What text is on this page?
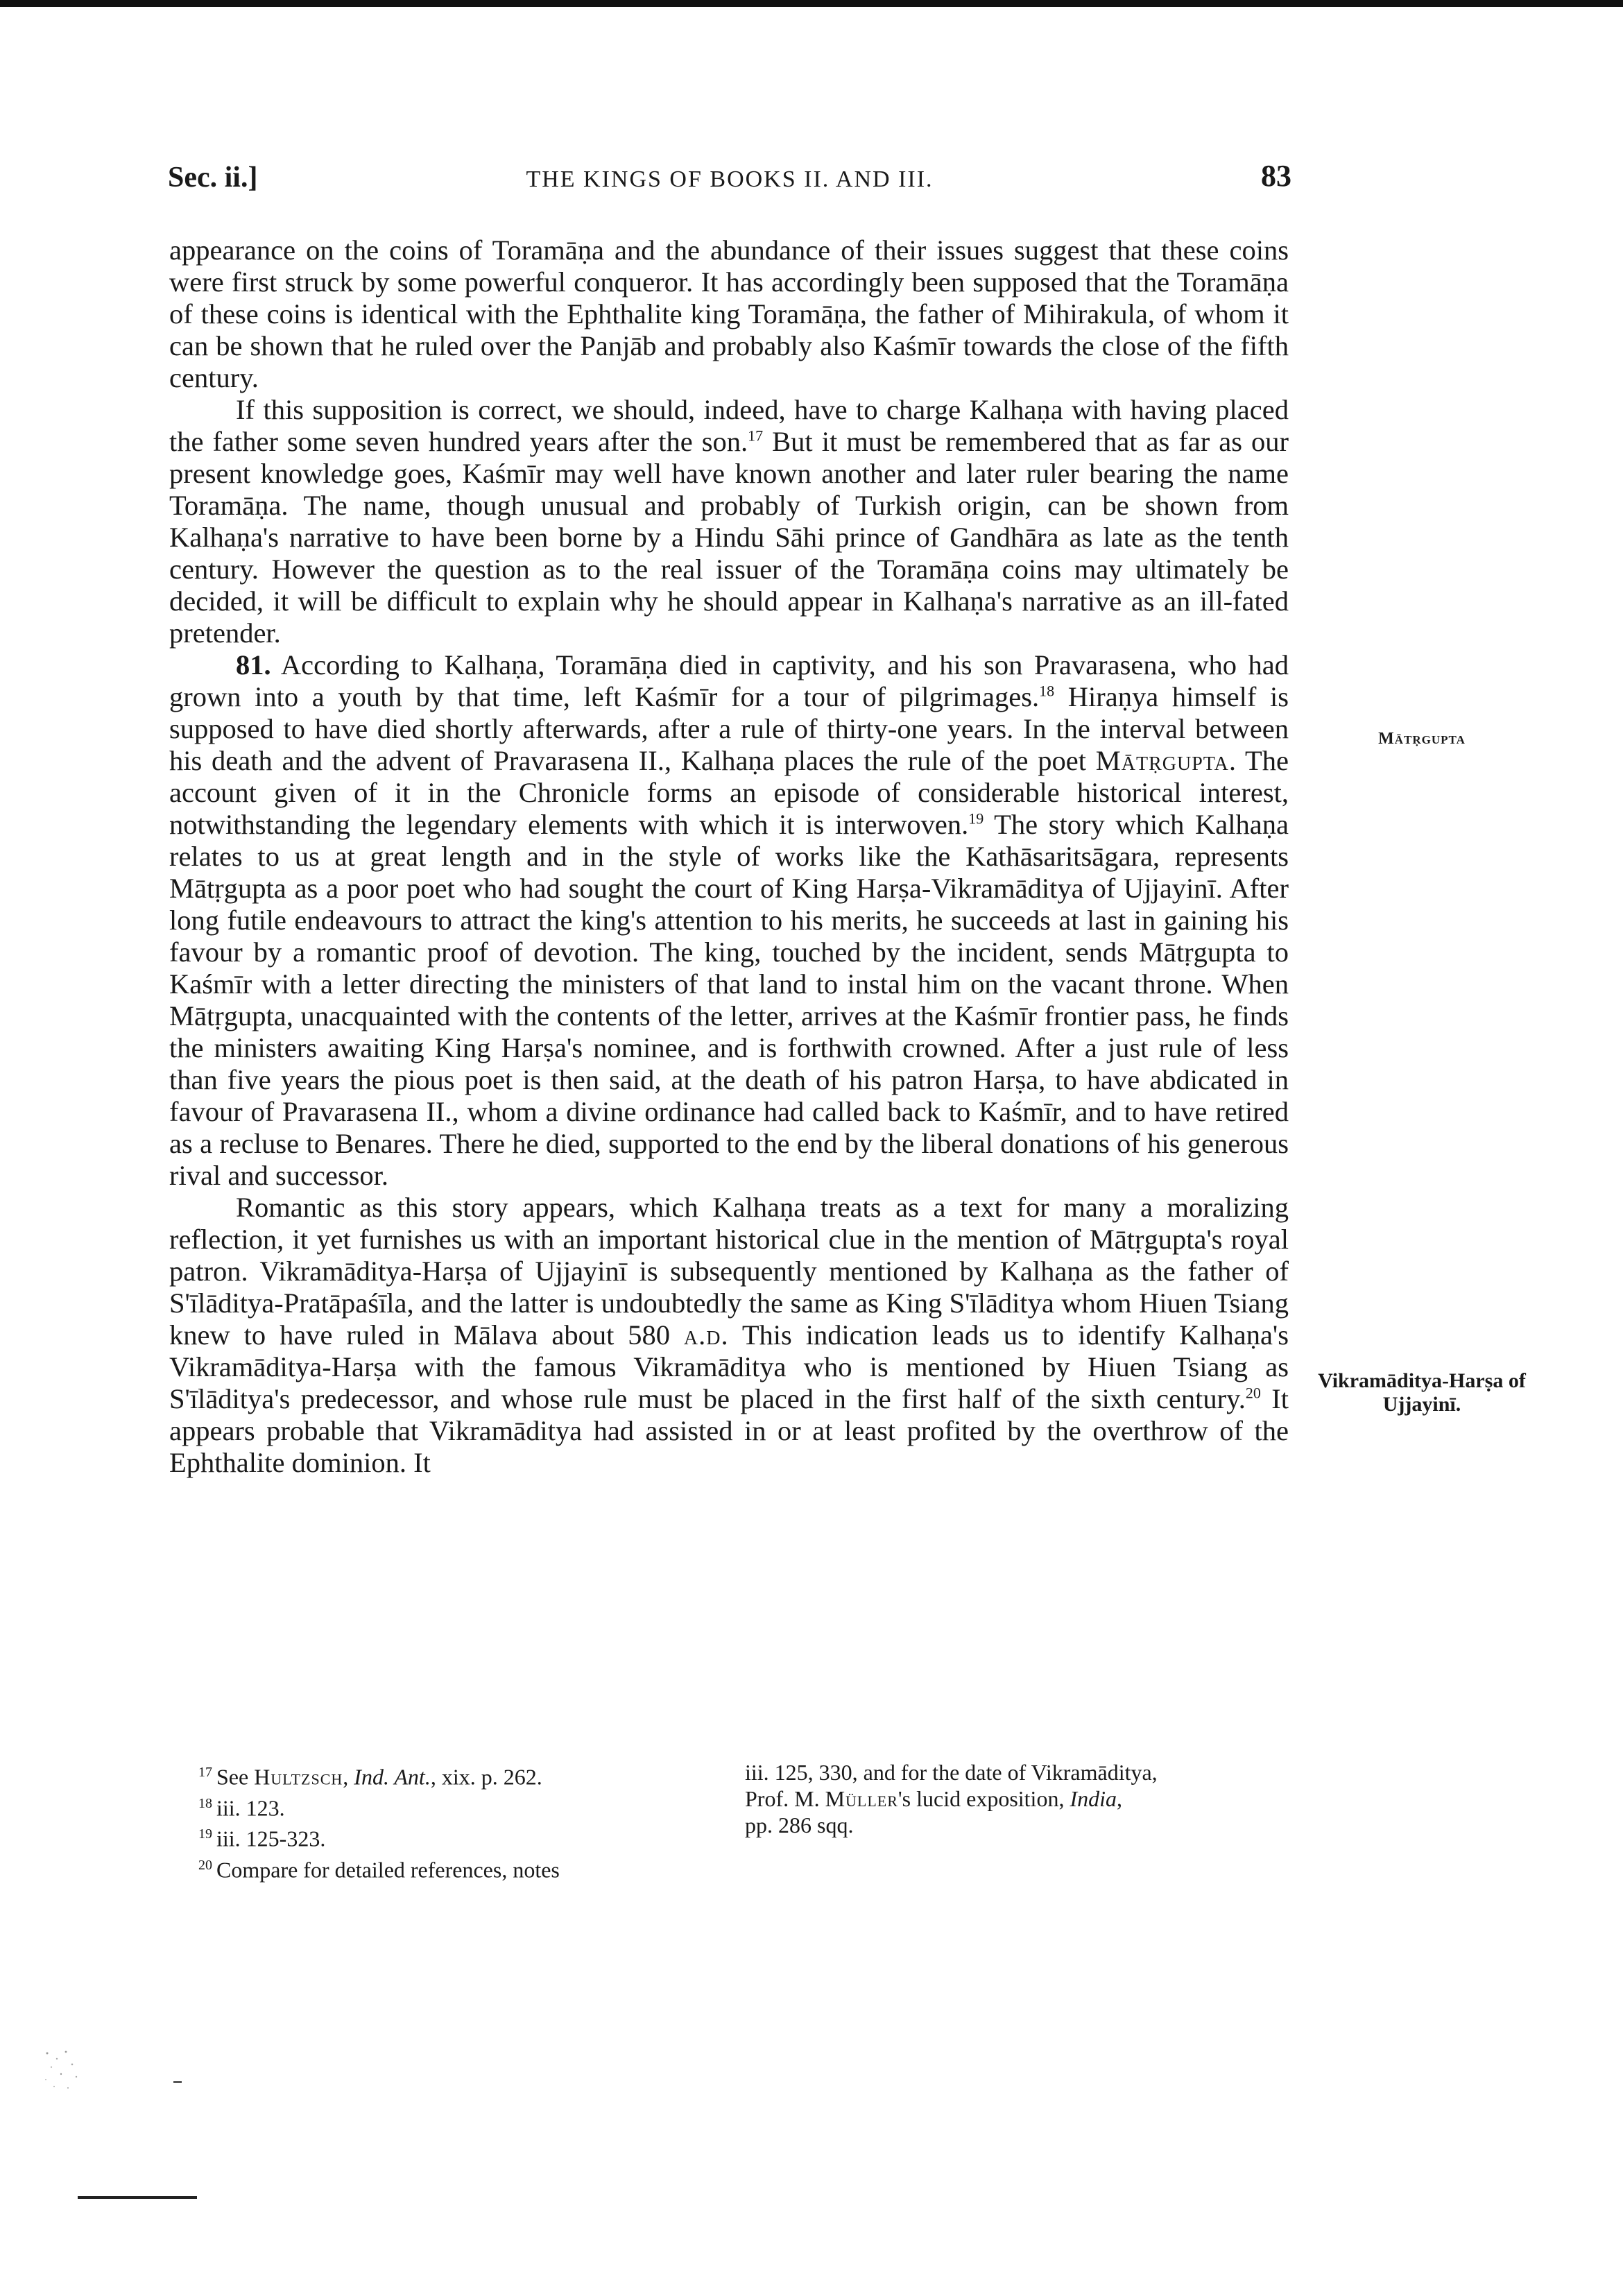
Sec. ii.]	THE KINGS OF BOOKS II. AND III.	83

appearance on the coins of Toramāṇa and the abundance of their issues suggest that these coins were first struck by some powerful conqueror. It has accordingly been supposed that the Toramāṇa of these coins is identical with the Ephthalite king Toramāṇa, the father of Mihirakula, of whom it can be shown that he ruled over the Panjāb and probably also Kaśmīr towards the close of the fifth century.

If this supposition is correct, we should, indeed, have to charge Kalhaṇa with having placed the father some seven hundred years after the son.$^{17}$ But it must be remembered that as far as our present knowledge goes, Kaśmīr may well have known another and later ruler bearing the name Toramāṇa. The name, though unusual and probably of Turkish origin, can be shown from Kalhaṇa's narrative to have been borne by a Hindu Sāhi prince of Gandhāra as late as the tenth century. However the question as to the real issuer of the Toramāṇa coins may ultimately be decided, it will be difficult to explain why he should appear in Kalhaṇa's narrative as an ill-fated pretender.

81. According to Kalhaṇa, Toramāṇa died in captivity, and his son Pravarasena, who had grown into a youth by that time, left Kaśmīr for a tour of pilgrimages.$^{18}$ Hiraṇya himself is supposed to have died shortly afterwards, after a rule of thirty-one years. In the interval between his death and the advent of Pravarasena II., Kalhaṇa places the rule of the poet Mātṛgupta. The account given of it in the Chronicle forms an episode of considerable historical interest, notwithstanding the legendary elements with which it is interwoven.$^{19}$ The story which Kalhaṇa relates to us at great length and in the style of works like the Kathāsaritsāgara, represents Mātṛgupta as a poor poet who had sought the court of King Harṣa-Vikramāditya of Ujjayinī. After long futile endeavours to attract the king's attention to his merits, he succeeds at last in gaining his favour by a romantic proof of devotion. The king, touched by the incident, sends Mātṛgupta to Kaśmīr with a letter directing the ministers of that land to instal him on the vacant throne. When Mātṛgupta, unacquainted with the contents of the letter, arrives at the Kaśmīr frontier pass, he finds the ministers awaiting King Harṣa's nominee, and is forthwith crowned. After a just rule of less than five years the pious poet is then said, at the death of his patron Harṣa, to have abdicated in favour of Pravarasena II., whom a divine ordinance had called back to Kaśmīr, and to have retired as a recluse to Benares. There he died, supported to the end by the liberal donations of his generous rival and successor.

Romantic as this story appears, which Kalhaṇa treats as a text for many a moralizing reflection, it yet furnishes us with an important historical clue in the mention of Mātṛgupta's royal patron. Vikramāditya-Harṣa of Ujjayinī is subsequently mentioned by Kalhaṇa as the father of S'īlāditya-Pratāpaśīla, and the latter is undoubtedly the same as King S'īlāditya whom Hiuen Tsiang knew to have ruled in Mālava about 580 a.d. This indication leads us to identify Kalhaṇa's Vikramāditya-Harṣa with the famous Vikramāditya who is mentioned by Hiuen Tsiang as S'īlāditya's predecessor, and whose rule must be placed in the first half of the sixth century.$^{20}$ It appears probable that Vikramāditya had assisted in or at least profited by the overthrow of the Ephthalite dominion. It

Mātṛgupta
Vikramāditya-Harṣa of Ujjayinī.

$^{17}$ See Hultzsch, Ind. Ant., xix. p. 262.

$^{18}$ iii. 123.

$^{19}$ iii. 125-323.

$^{20}$ Compare for detailed references, notes

iii. 125, 330, and for the date of Vikramāditya,

Prof. M. Müller's lucid exposition, India,

pp. 286 sqq.
